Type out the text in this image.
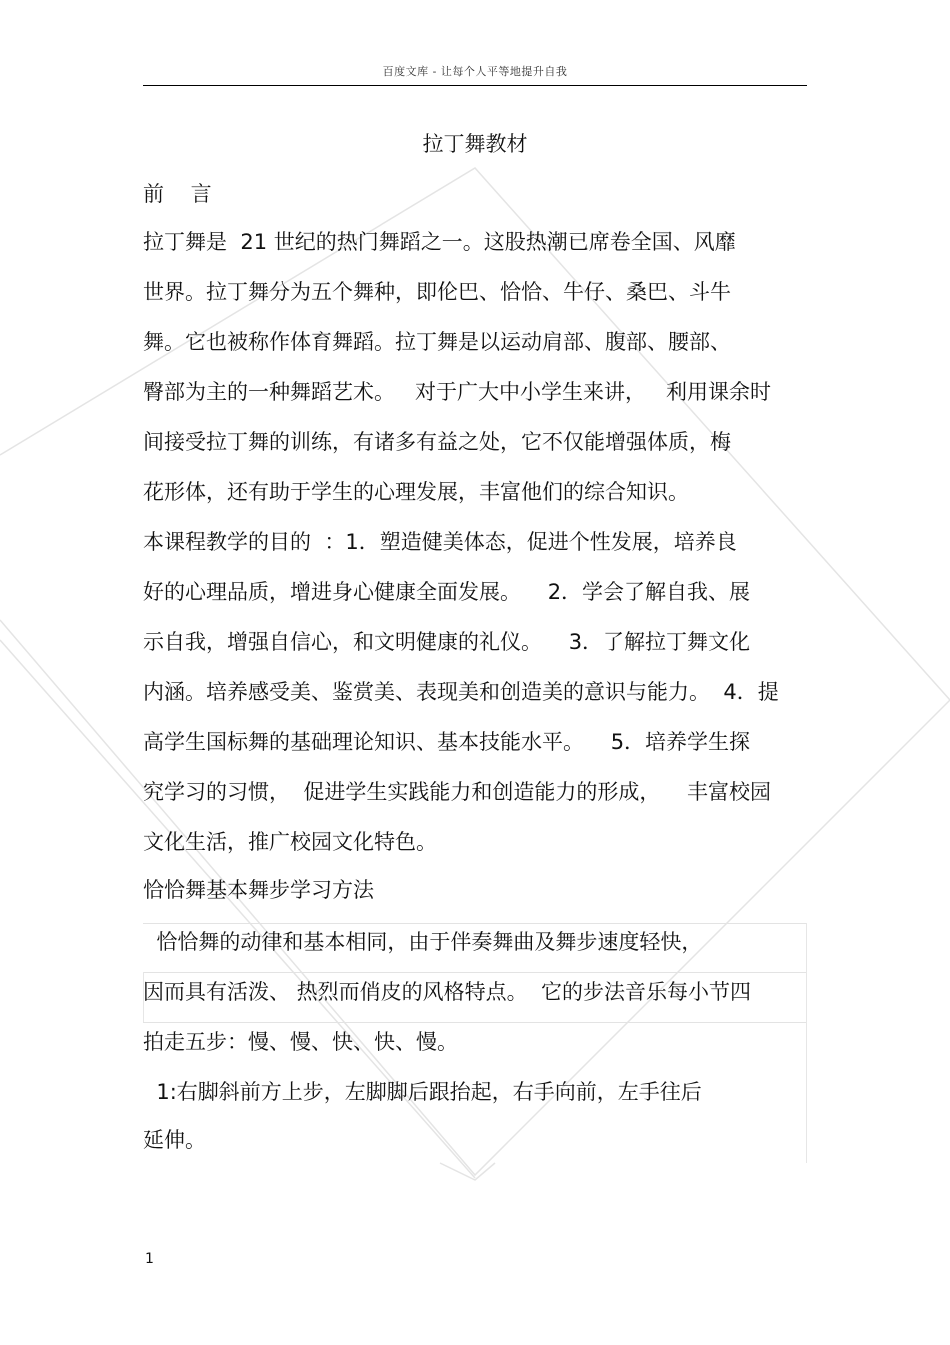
百度文库 - 让每个人平等地提升自我
拉丁舞教材
前 言
拉丁舞是  21 世纪的热门舞蹈之一。这股热潮已席卷全国、风靡
世界。拉丁舞分为五个舞种，即伦巴、恰恰、牛仔、桑巴、斗牛
舞。它也被称作体育舞蹈。拉丁舞是以运动肩部、腹部、腰部、
臀部为主的一种舞蹈艺术。   对于广大中小学生来讲，   利用课余时
间接受拉丁舞的训练，有诸多有益之处，它不仅能增强体质，梅
花形体，还有助于学生的心理发展，丰富他们的综合知识。
本课程教学的目的  ：1．塑造健美体态，促进个性发展，培养良
好的心理品质，增进身心健康全面发展。    2．学会了解自我、展
示自我，增强自信心，和文明健康的礼仪。    3．了解拉丁舞文化
内涵。培养感受美、鉴赏美、表现美和创造美的意识与能力。  4．提
高学生国标舞的基础理论知识、基本技能水平。    5．培养学生探
究学习的习惯，  促进学生实践能力和创造能力的形成，    丰富校园
文化生活，推广校园文化特色。
恰恰舞基本舞步学习方法
恰恰舞的动律和基本相同，由于伴奏舞曲及舞步速度轻快，
因而具有活泼、 热烈而俏皮的风格特点。  它的步法音乐每小节四
拍走五步：慢、慢、快、快、慢。
1:右脚斜前方上步，左脚脚后跟抬起，右手向前，左手往后
延伸。
1
